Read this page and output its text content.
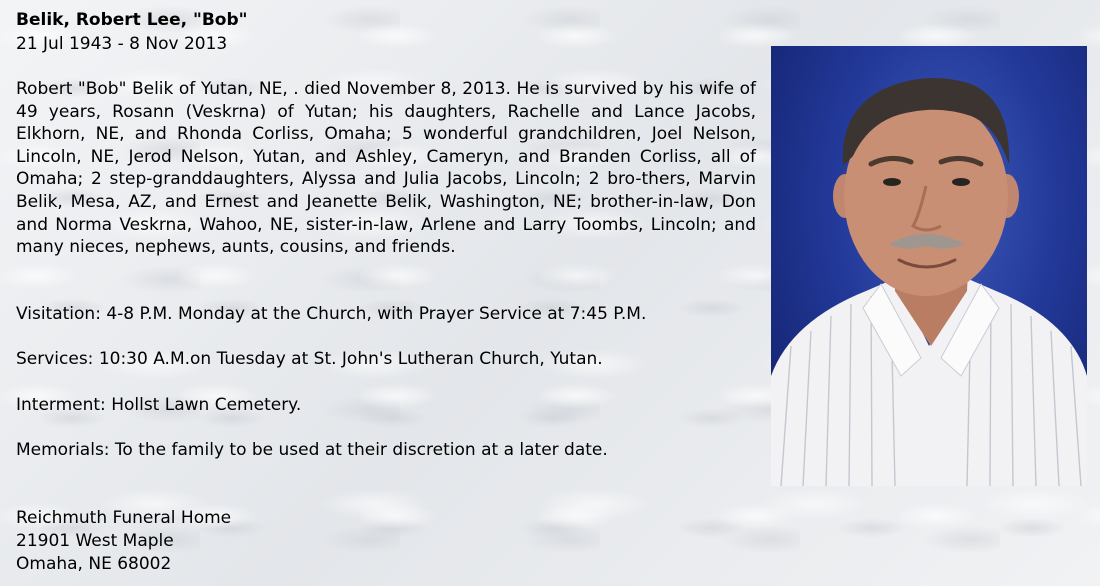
Belik, Robert Lee, "Bob"
21 Jul 1943 - 8 Nov 2013

Robert "Bob" Belik of Yutan, NE, . died November 8, 2013. He is survived by his wife of 49 years, Rosann (Veskrna) of Yutan; his daughters, Rachelle and Lance Jacobs, Elkhorn, NE, and Rhonda Corliss, Omaha; 5 wonderful grandchildren, Joel Nelson, Lincoln, NE, Jerod Nelson, Yutan, and Ashley, Cameryn, and Branden Corliss, all of Omaha; 2 step-granddaughters, Alyssa and Julia Jacobs, Lincoln; 2 bro-thers, Marvin Belik, Mesa, AZ, and Ernest and Jeanette Belik, Washington, NE; brother-in-law, Don and Norma Veskrna, Wahoo, NE, sister-in-law, Arlene and Larry Toombs, Lincoln; and many nieces, nephews, aunts, cousins, and friends.

Visitation: 4-8 P.M. Monday at the Church, with Prayer Service at 7:45 P.M.

Services: 10:30 A.M.on Tuesday at St. John's Lutheran Church, Yutan.

Interment: Hollst Lawn Cemetery.

Memorials: To the family to be used at their discretion at a later date.

Reichmuth Funeral Home

21901 West Maple

Omaha, NE 68002
